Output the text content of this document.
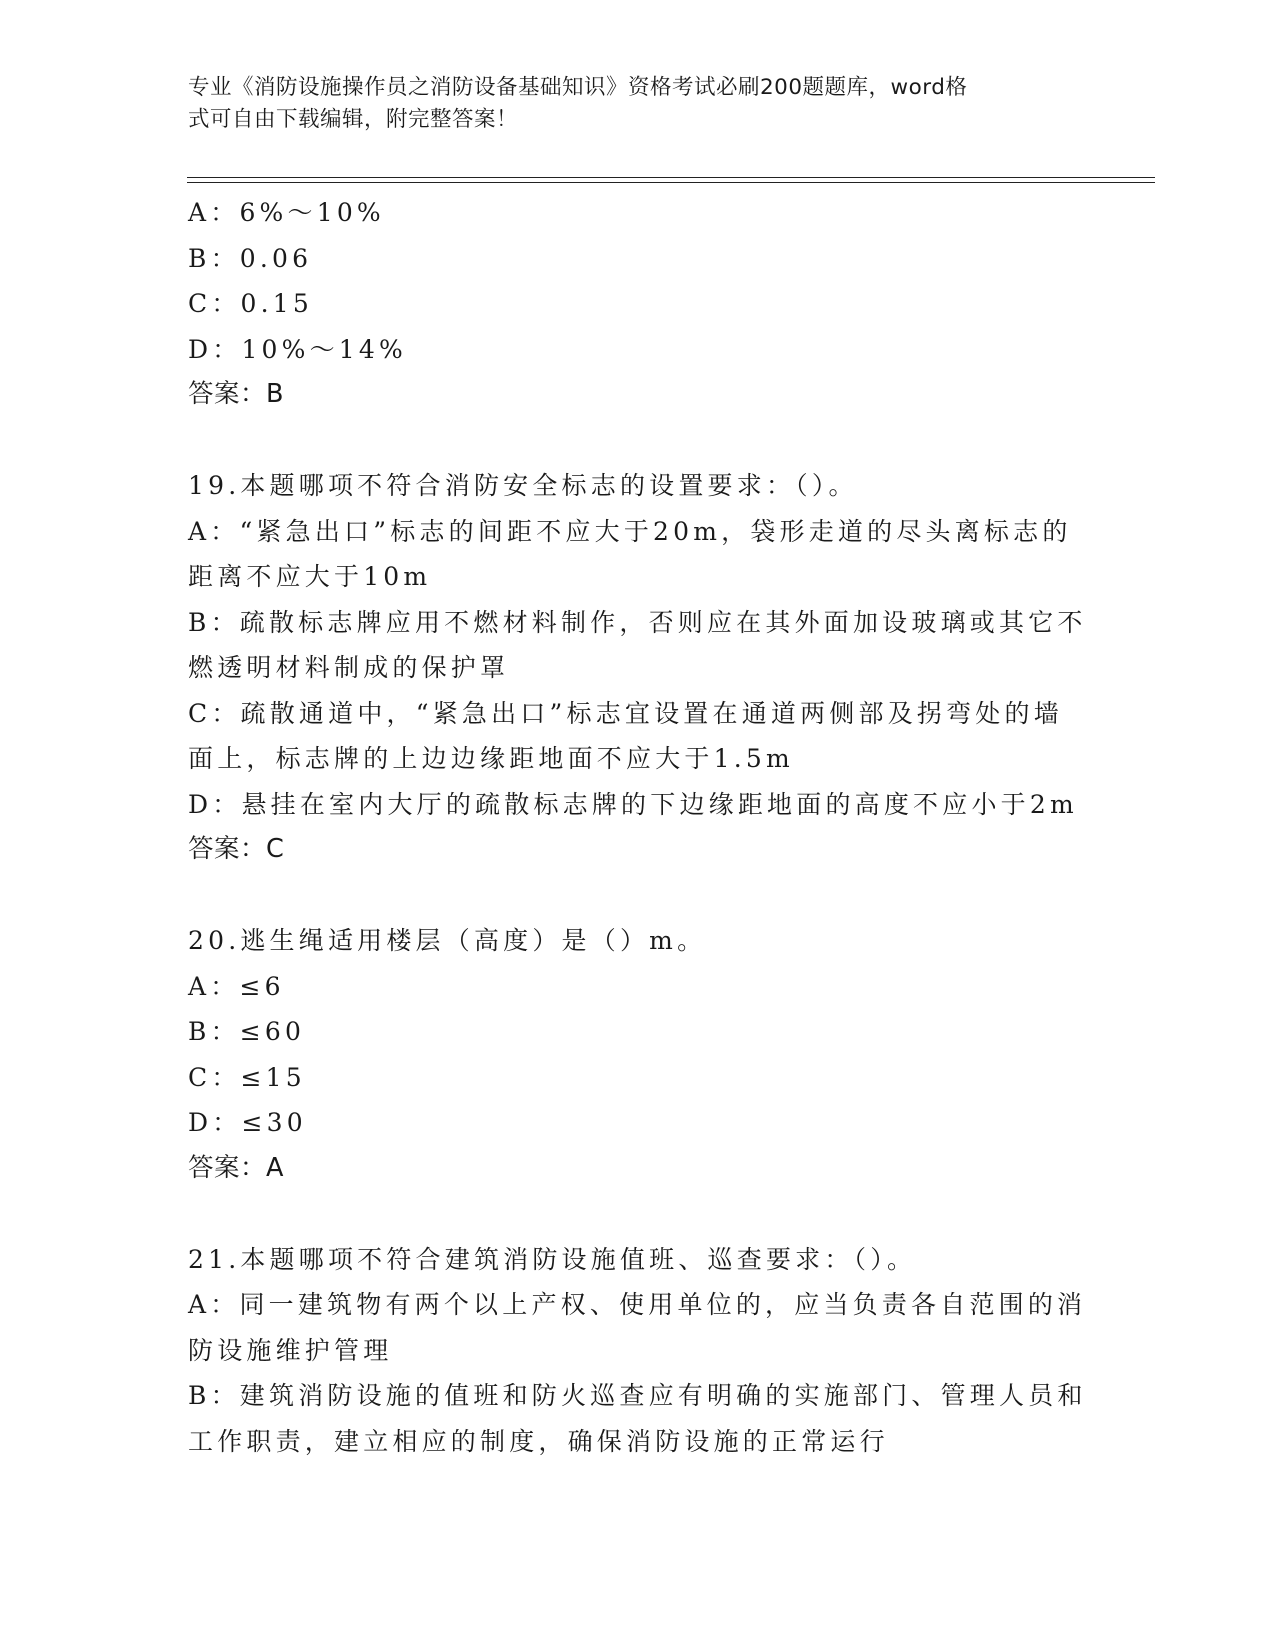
专业《消防设施操作员之消防设备基础知识》资格考试必刷200题题库，word格
式可自由下载编辑，附完整答案！
A：6%～10%
B：0.06
C：0.15
D：10%～14%
答案：B
19.本题哪项不符合消防安全标志的设置要求：（）。
A：“紧急出口”标志的间距不应大于20m，袋形走道的尽头离标志的
距离不应大于10m
B：疏散标志牌应用不燃材料制作，否则应在其外面加设玻璃或其它不
燃透明材料制成的保护罩
C：疏散通道中，“紧急出口”标志宜设置在通道两侧部及拐弯处的墙
面上，标志牌的上边边缘距地面不应大于1.5m
D：悬挂在室内大厅的疏散标志牌的下边缘距地面的高度不应小于2m
答案：C
20.逃生绳适用楼层（高度）是（）m。
A：≤6
B：≤60
C：≤15
D：≤30
答案：A
21.本题哪项不符合建筑消防设施值班、巡查要求：（）。
A：同一建筑物有两个以上产权、使用单位的，应当负责各自范围的消
防设施维护管理
B：建筑消防设施的值班和防火巡查应有明确的实施部门、管理人员和
工作职责，建立相应的制度，确保消防设施的正常运行
